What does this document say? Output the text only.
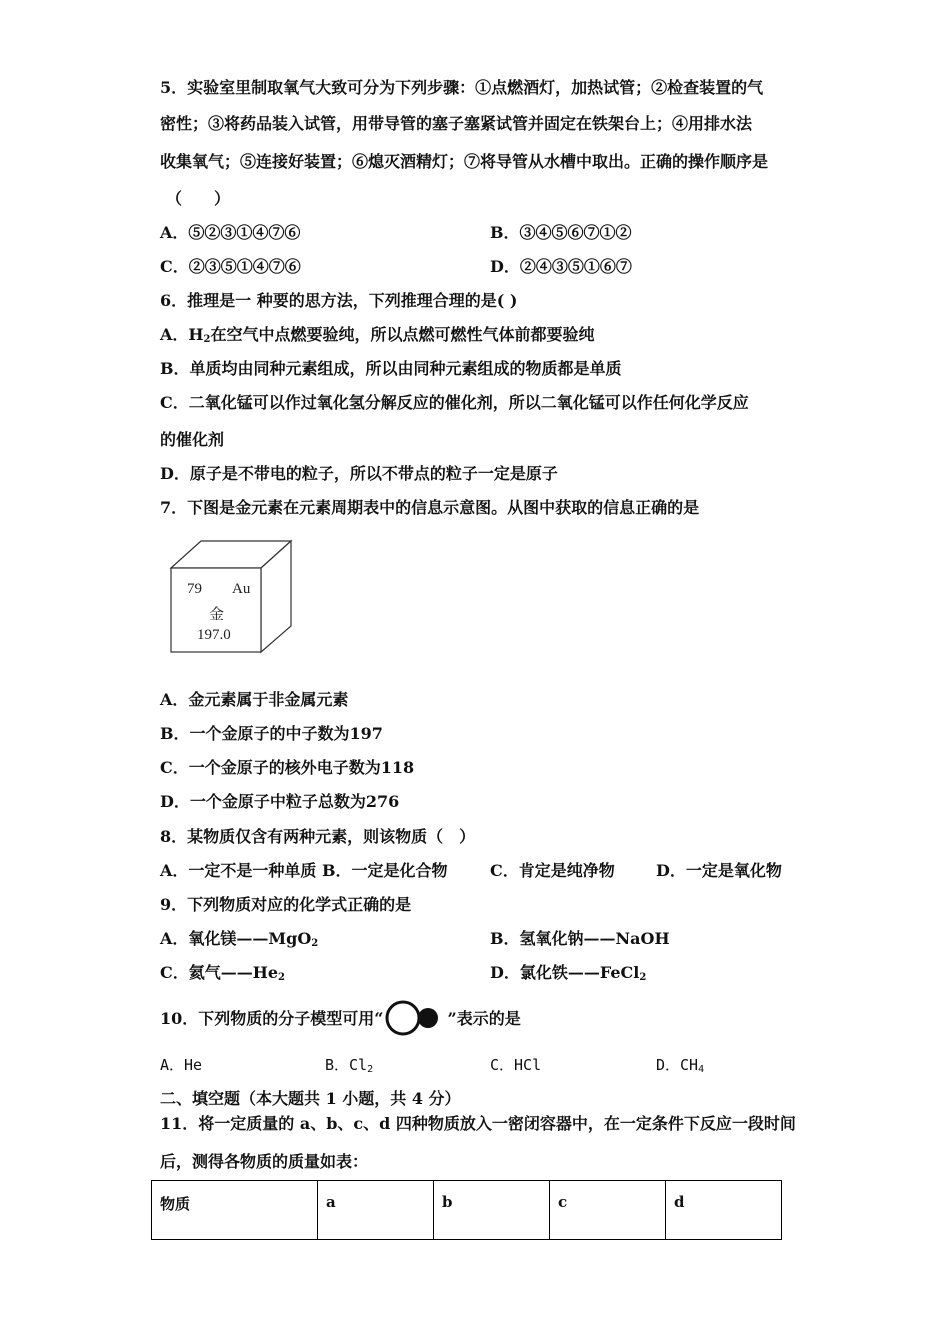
5．实验室里制取氧气大致可分为下列步骤：①点燃酒灯，加热试管；②检查装置的气
密性；③将药品装入试管，用带导管的塞子塞紧试管并固定在铁架台上；④用排水法
收集氧气；⑤连接好装置；⑥熄灭酒精灯；⑦将导管从水槽中取出。正确的操作顺序是
（　　）
A．⑤②③①④⑦⑥	B．③④⑤⑥⑦①②
C．②③⑤①④⑦⑥	D．②④③⑤①⑥⑦
6．推理是一 种要的思方法，下列推理合理的是( )
A．$H_2$在空气中点燃要验纯，所以点燃可燃性气体前都要验纯
B．单质均由同种元素组成，所以由同种元素组成的物质都是单质
C．二氧化锰可以作过氧化氢分解反应的催化剂，所以二氧化锰可以作任何化学反应
的催化剂
D．原子是不带电的粒子，所以不带点的粒子一定是原子
7．下图是金元素在元素周期表中的信息示意图。从图中获取的信息正确的是
79 Au
金
197.0
A．金元素属于非金属元素
B．一个金原子的中子数为197
C．一个金原子的核外电子数为118
D．一个金原子中粒子总数为276
8．某物质仅含有两种元素，则该物质（　）
A．一定不是一种单质 B．一定是化合物	C．肯定是纯净物	D．一定是氧化物
9．下列物质对应的化学式正确的是
A．氧化镁——MgO$_2$	B．氢氧化钠——NaOH
C．氦气$——He_2$	D．氯化铁——FeCl$_2$
10．下列物质的分子模型可用“	”表示的是
A．He	B．$Cl_2$	C．HCl	D．$CH_4$
二、填空题（本大题共 1 小题，共 4 分）
11．将一定质量的 a、b、c、d 四种物质放入一密闭容器中，在一定条件下反应一段时间
后，测得各物质的质量如表：
物质	a	b	c	d
